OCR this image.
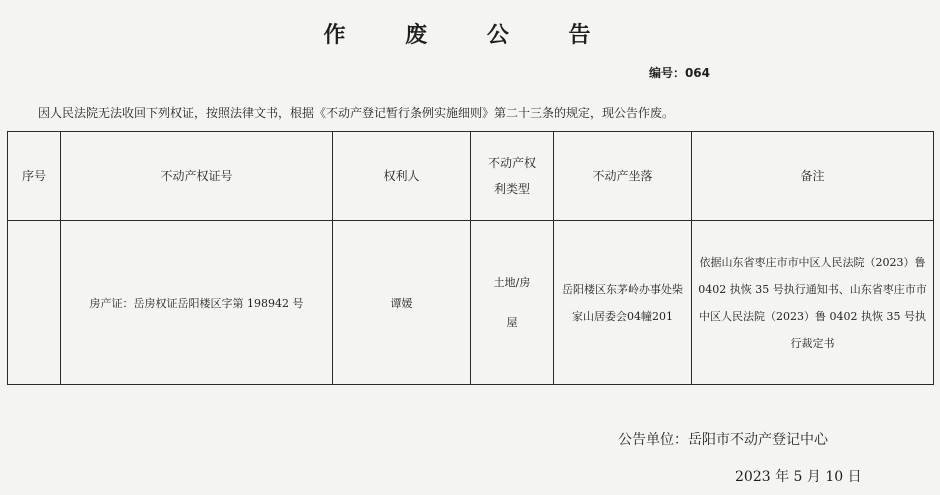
作 废 公 告
编号：064
因人民法院无法收回下列权证，按照法律文书，根据《不动产登记暂行条例实施细则》第二十三条的规定，现公告作废。
序号	不动产权证号	权利人	不动产权利类型	不动产坐落	备注
	房产证：岳房权证岳阳楼区字第 198942 号	谭媛	土地/房屋	岳阳楼区东茅岭办事处柴家山居委会04幢201	依据山东省枣庄市市中区人民法院（2023）鲁 0402 执恢 35 号执行通知书、山东省枣庄市市中区人民法院（2023）鲁 0402 执恢 35 号执行裁定书
公告单位：岳阳市不动产登记中心
2023 年 5 月 10 日
